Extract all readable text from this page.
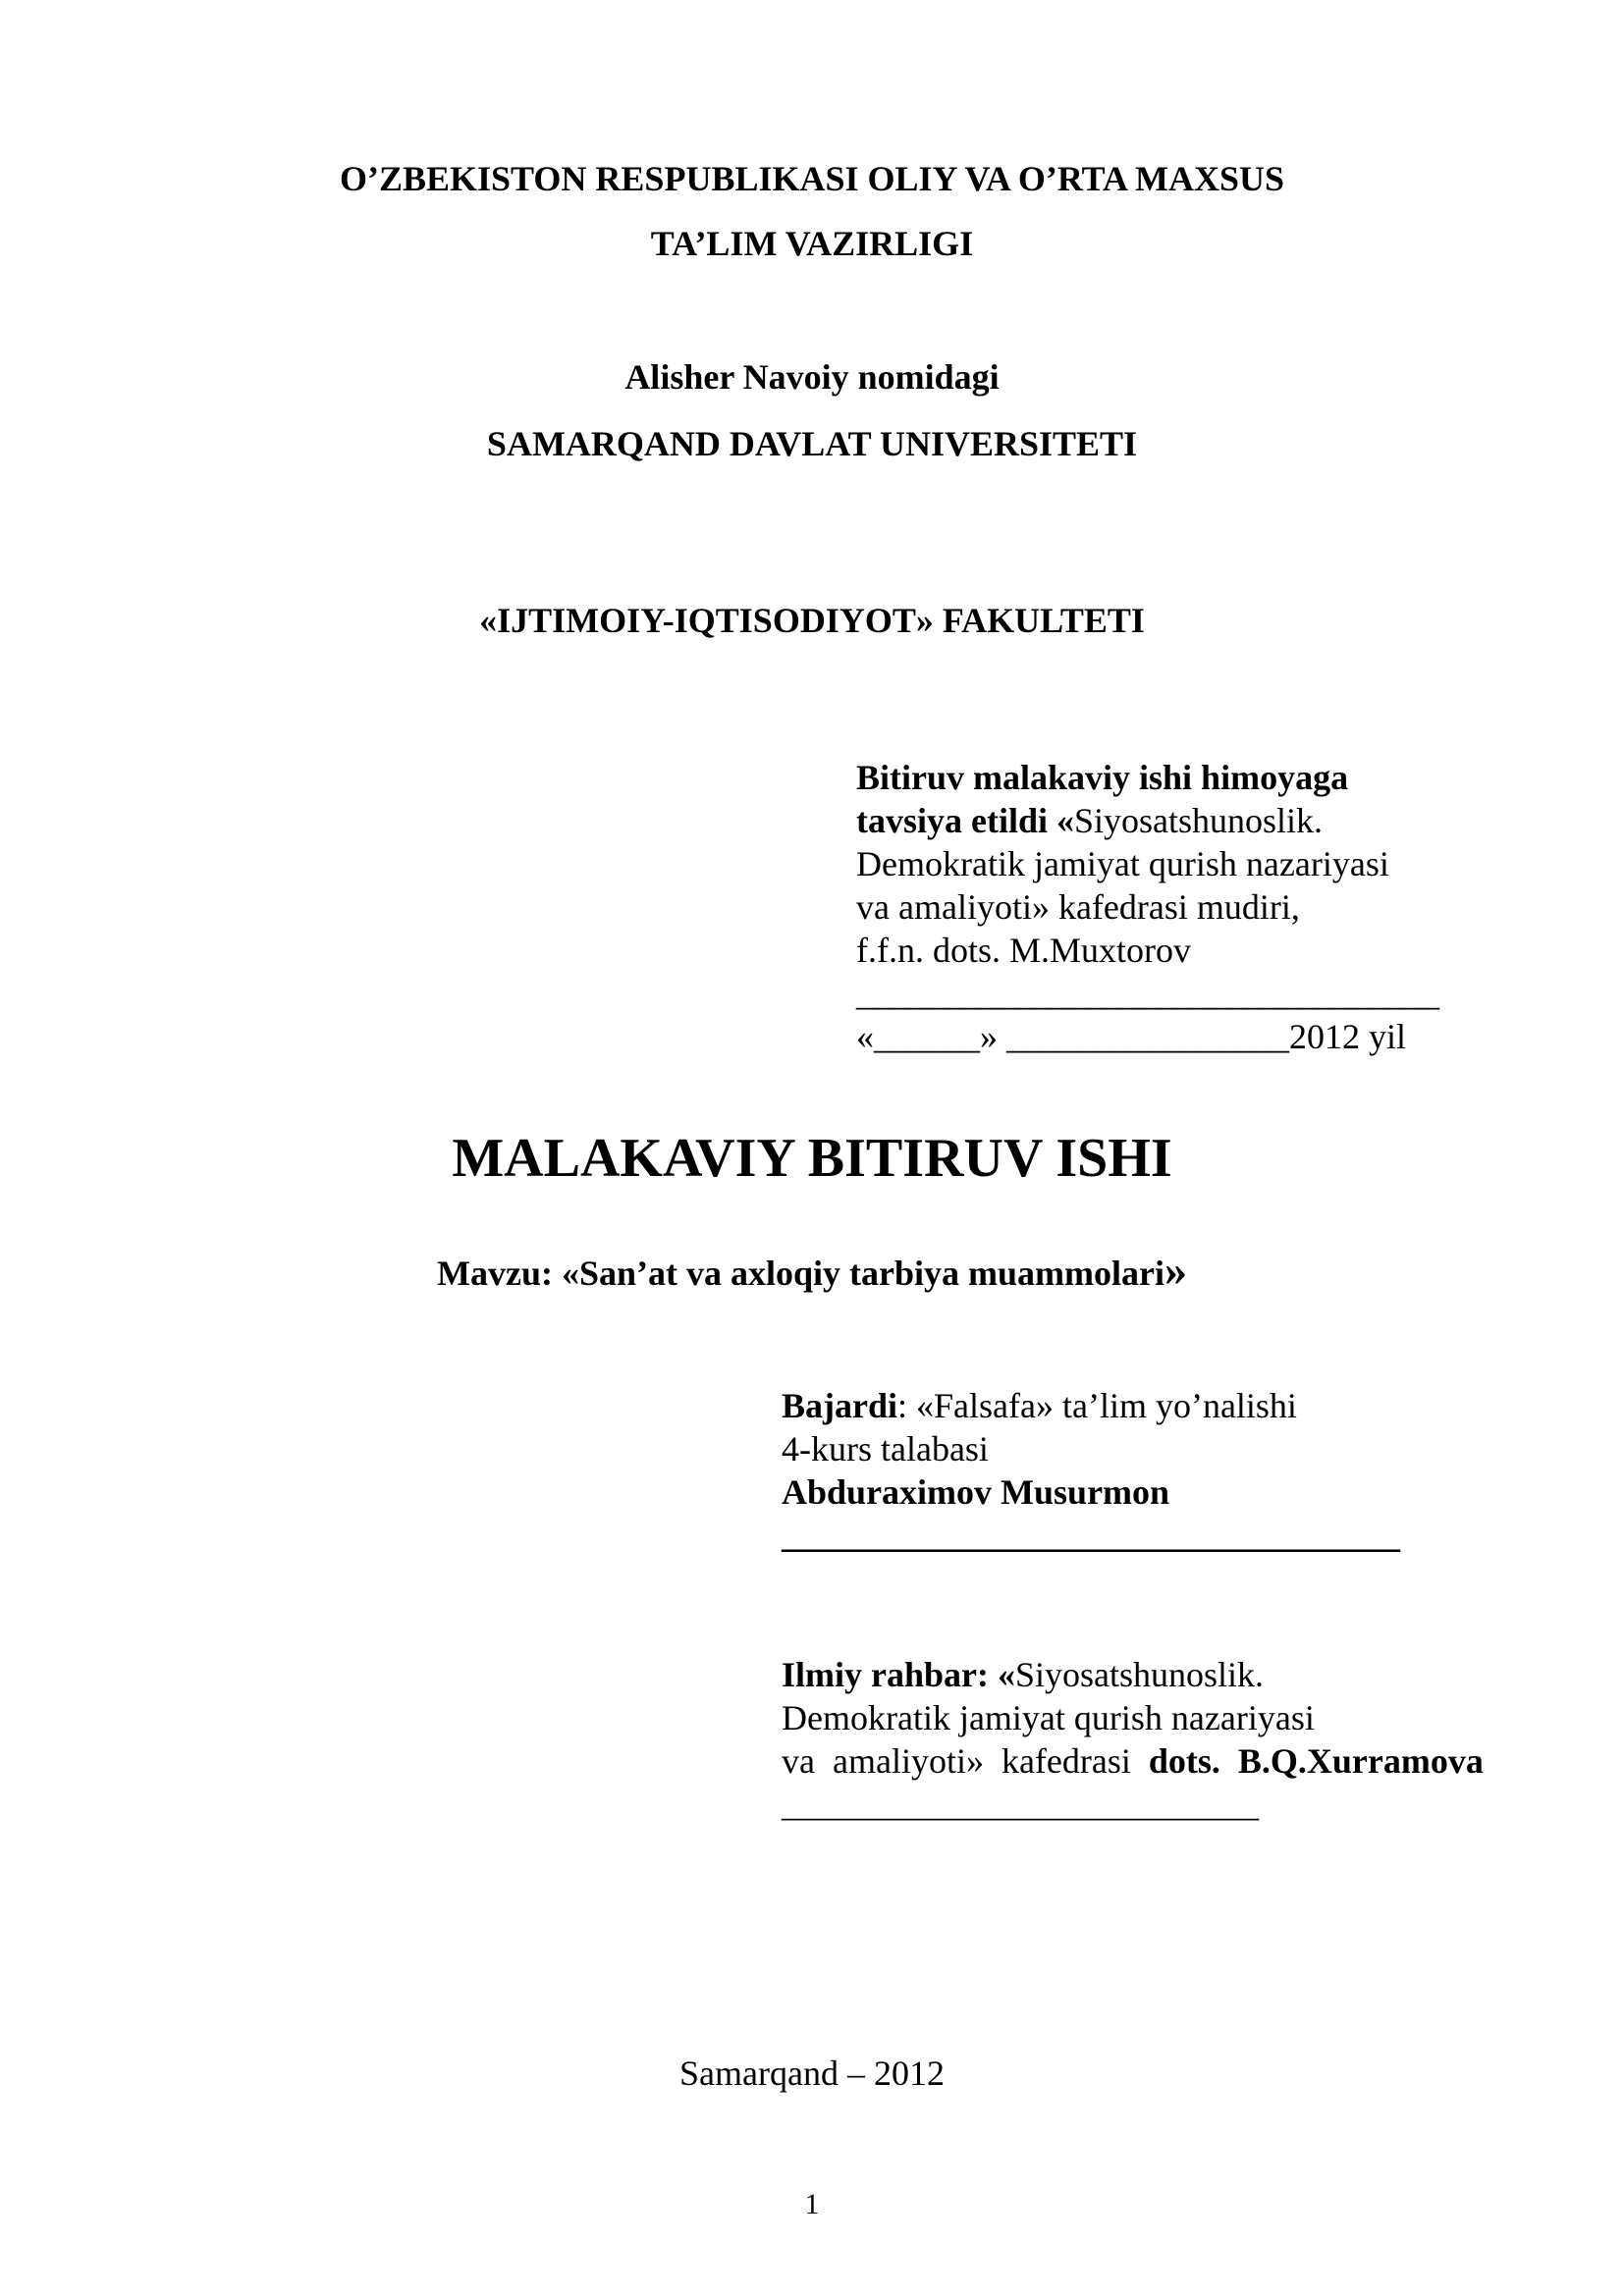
O’ZBEKISTON RESPUBLIKASI OLIY VA O’RTA MAXSUS
TA’LIM VAZIRLIGI
Alisher Navoiy nomidagi
SAMARQAND DAVLAT UNIVERSITETI
«IJTIMOIY-IQTISODIYOT» FAKULTETI
Bitiruv malakaviy ishi himoyaga
tavsiya etildi «Siyosatshunoslik.
Demokratik jamiyat qurish nazariyasi
va amaliyoti» kafedrasi mudiri,
f.f.n. dots. M.Muxtorov
_________________________________
«______» ________________2012 yil
MALAKAVIY BITIRUV ISHI
Mavzu: «San’at va axloqiy tarbiya muammolari»
Bajardi: «Falsafa» ta’lim yo’nalishi
4-kurs talabasi
Abduraximov Musurmon
___________________________________
Ilmiy rahbar: «Siyosatshunoslik.
Demokratik jamiyat qurish nazariyasi
va  amaliyoti»  kafedrasi  dots.  B.Q.Xurramova
___________________________
Samarqand – 2012
1
